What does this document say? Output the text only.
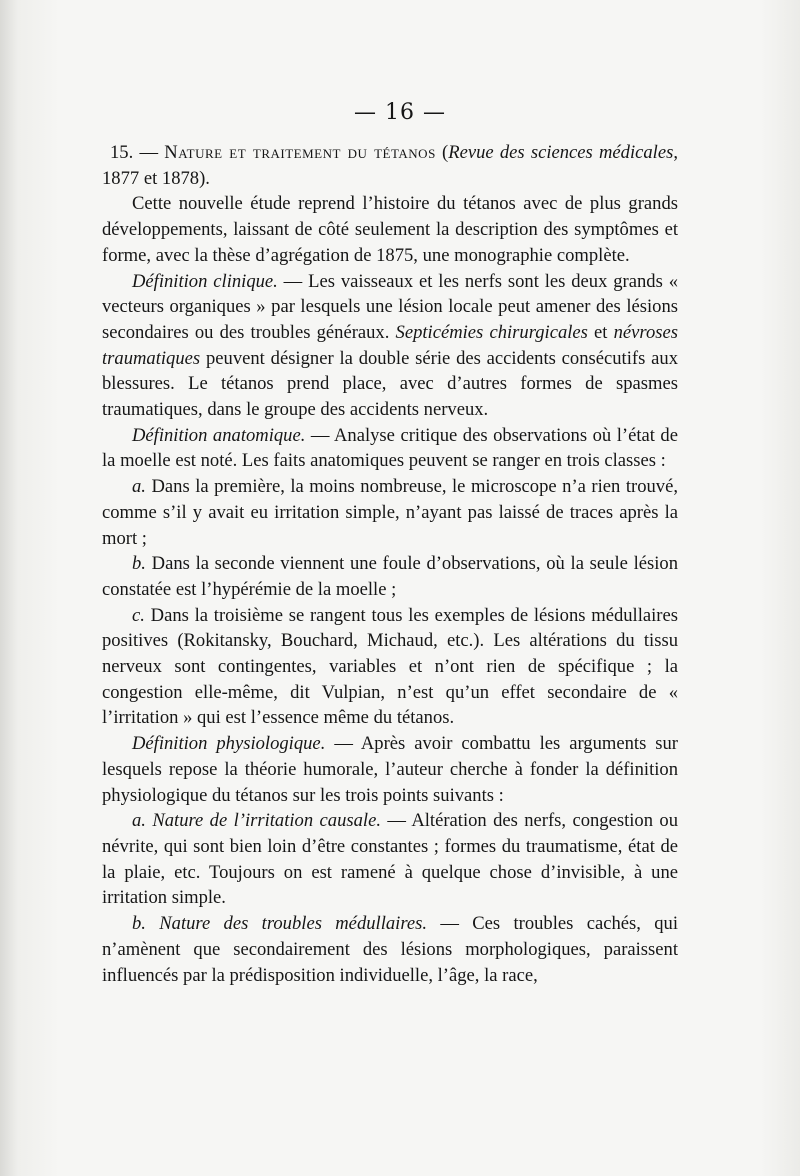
— 16 —

15. — Nature et traitement du tétanos (Revue des sciences médicales, 1877 et 1878).

Cette nouvelle étude reprend l’histoire du tétanos avec de plus grands développements, laissant de côté seulement la description des symptômes et forme, avec la thèse d’agrégation de 1875, une monographie complète.

Définition clinique. — Les vaisseaux et les nerfs sont les deux grands « vecteurs organiques » par lesquels une lésion locale peut amener des lésions secondaires ou des troubles généraux. Septicémies chirurgicales et névroses traumatiques peuvent désigner la double série des accidents consécutifs aux blessures. Le tétanos prend place, avec d’autres formes de spasmes traumatiques, dans le groupe des accidents nerveux.

Définition anatomique. — Analyse critique des observations où l’état de la moelle est noté. Les faits anatomiques peuvent se ranger en trois classes :

a. Dans la première, la moins nombreuse, le microscope n’a rien trouvé, comme s’il y avait eu irritation simple, n’ayant pas laissé de traces après la mort ;

b. Dans la seconde viennent une foule d’observations, où la seule lésion constatée est l’hypérémie de la moelle ;

c. Dans la troisième se rangent tous les exemples de lésions médullaires positives (Rokitansky, Bouchard, Michaud, etc.). Les altérations du tissu nerveux sont contingentes, variables et n’ont rien de spécifique ; la congestion elle-même, dit Vulpian, n’est qu’un effet secondaire de « l’irritation » qui est l’essence même du tétanos.

Définition physiologique. — Après avoir combattu les arguments sur lesquels repose la théorie humorale, l’auteur cherche à fonder la définition physiologique du tétanos sur les trois points suivants :

a. Nature de l’irritation causale. — Altération des nerfs, congestion ou névrite, qui sont bien loin d’être constantes ; formes du traumatisme, état de la plaie, etc. Toujours on est ramené à quelque chose d’invisible, à une irritation simple.

b. Nature des troubles médullaires. — Ces troubles cachés, qui n’amènent que secondairement des lésions morphologiques, paraissent influencés par la prédisposition individuelle, l’âge, la race,
